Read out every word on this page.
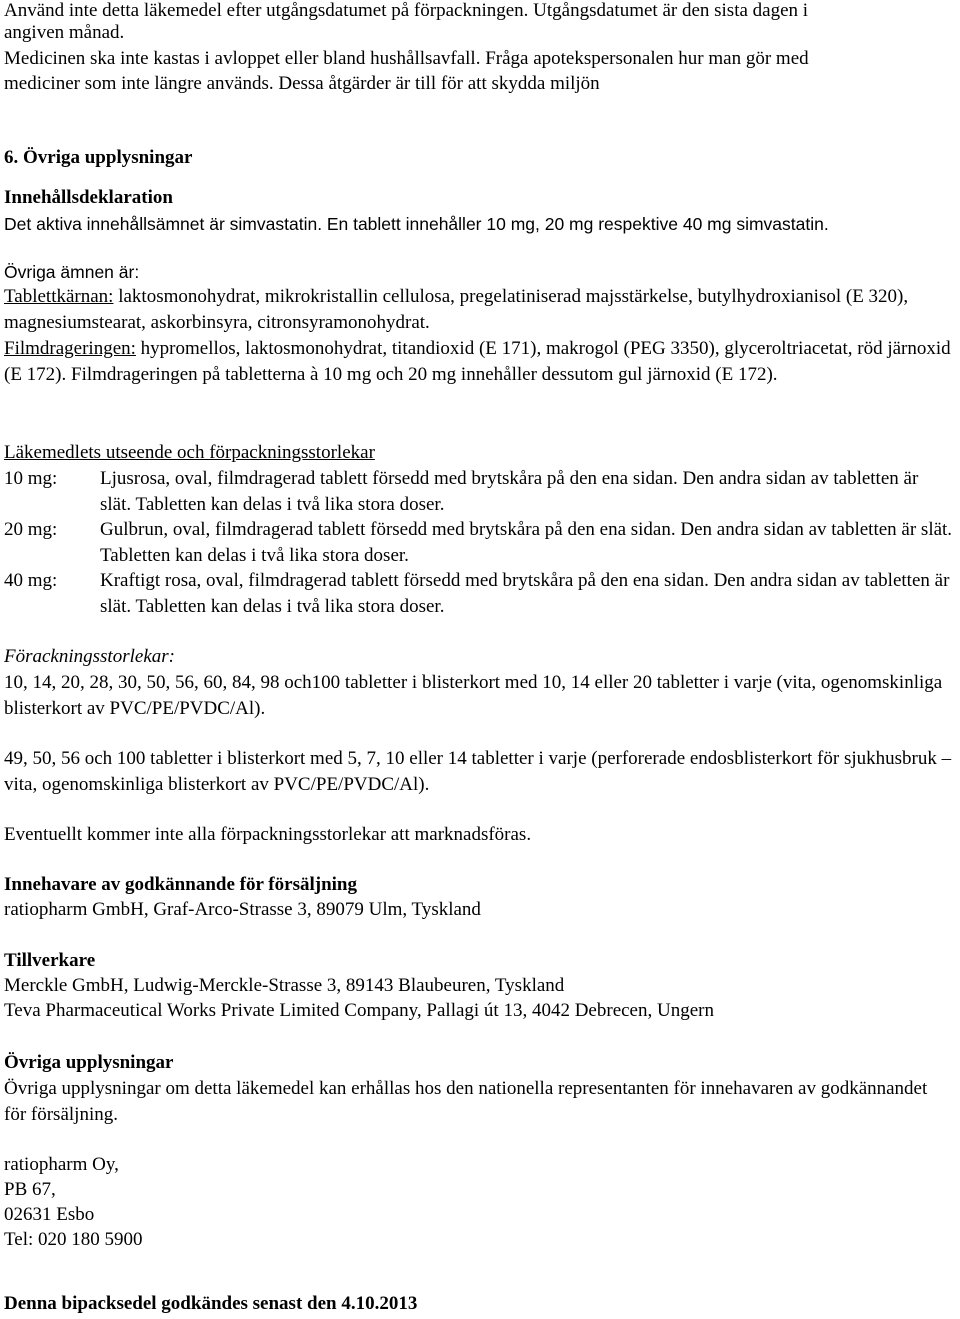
Använd inte detta läkemedel efter utgångsdatumet på förpackningen. Utgångsdatumet är den sista dagen i
angiven månad.
Medicinen ska inte kastas i avloppet eller bland hushållsavfall. Fråga apotekspersonalen hur man gör med
mediciner som inte längre används. Dessa åtgärder är till för att skydda miljön
6. Övriga upplysningar
Innehållsdeklaration
Det aktiva innehållsämnet är simvastatin. En tablett innehåller 10 mg, 20 mg respektive 40 mg simvastatin.
Övriga ämnen är:
Tablettkärnan: laktosmonohydrat, mikrokristallin cellulosa, pregelatiniserad majsstärkelse, butylhydroxianisol (E 320), magnesiumstearat, askorbinsyra, citronsyramonohydrat.
Filmdrageringen: hypromellos, laktosmonohydrat, titandioxid (E 171), makrogol (PEG 3350), glyceroltriacetat, röd järnoxid (E 172). Filmdrageringen på tabletterna à 10 mg och 20 mg innehåller dessutom gul järnoxid (E 172).
Läkemedlets utseende och förpackningsstorlekar
10 mg: Ljusrosa, oval, filmdragerad tablett försedd med brytskåra på den ena sidan. Den andra sidan av tabletten är slät. Tabletten kan delas i två lika stora doser.
20 mg: Gulbrun, oval, filmdragerad tablett försedd med brytskåra på den ena sidan. Den andra sidan av tabletten är slät. Tabletten kan delas i två lika stora doser.
40 mg: Kraftigt rosa, oval, filmdragerad tablett försedd med brytskåra på den ena sidan. Den andra sidan av tabletten är slät. Tabletten kan delas i två lika stora doser.
Förackningsstorlekar:
10, 14, 20, 28, 30, 50, 56, 60, 84, 98 och100 tabletter i blisterkort med 10, 14 eller 20 tabletter i varje (vita, ogenomskinliga blisterkort av PVC/PE/PVDC/Al).
49, 50, 56 och 100 tabletter i blisterkort med 5, 7, 10 eller 14 tabletter i varje (perforerade endosblisterkort för sjukhusbruk – vita, ogenomskinliga blisterkort av PVC/PE/PVDC/Al).
Eventuellt kommer inte alla förpackningsstorlekar att marknadsföras.
Innehavare av godkännande för försäljning
ratiopharm GmbH, Graf-Arco-Strasse 3, 89079 Ulm, Tyskland
Tillverkare
Merckle GmbH, Ludwig-Merckle-Strasse 3, 89143 Blaubeuren, Tyskland
Teva Pharmaceutical Works Private Limited Company, Pallagi út 13, 4042 Debrecen, Ungern
Övriga upplysningar
Övriga upplysningar om detta läkemedel kan erhållas hos den nationella representanten för innehavaren av godkännandet för försäljning.
ratiopharm Oy,
PB 67,
02631 Esbo
Tel: 020 180 5900
Denna bipacksedel godkändes senast den 4.10.2013
